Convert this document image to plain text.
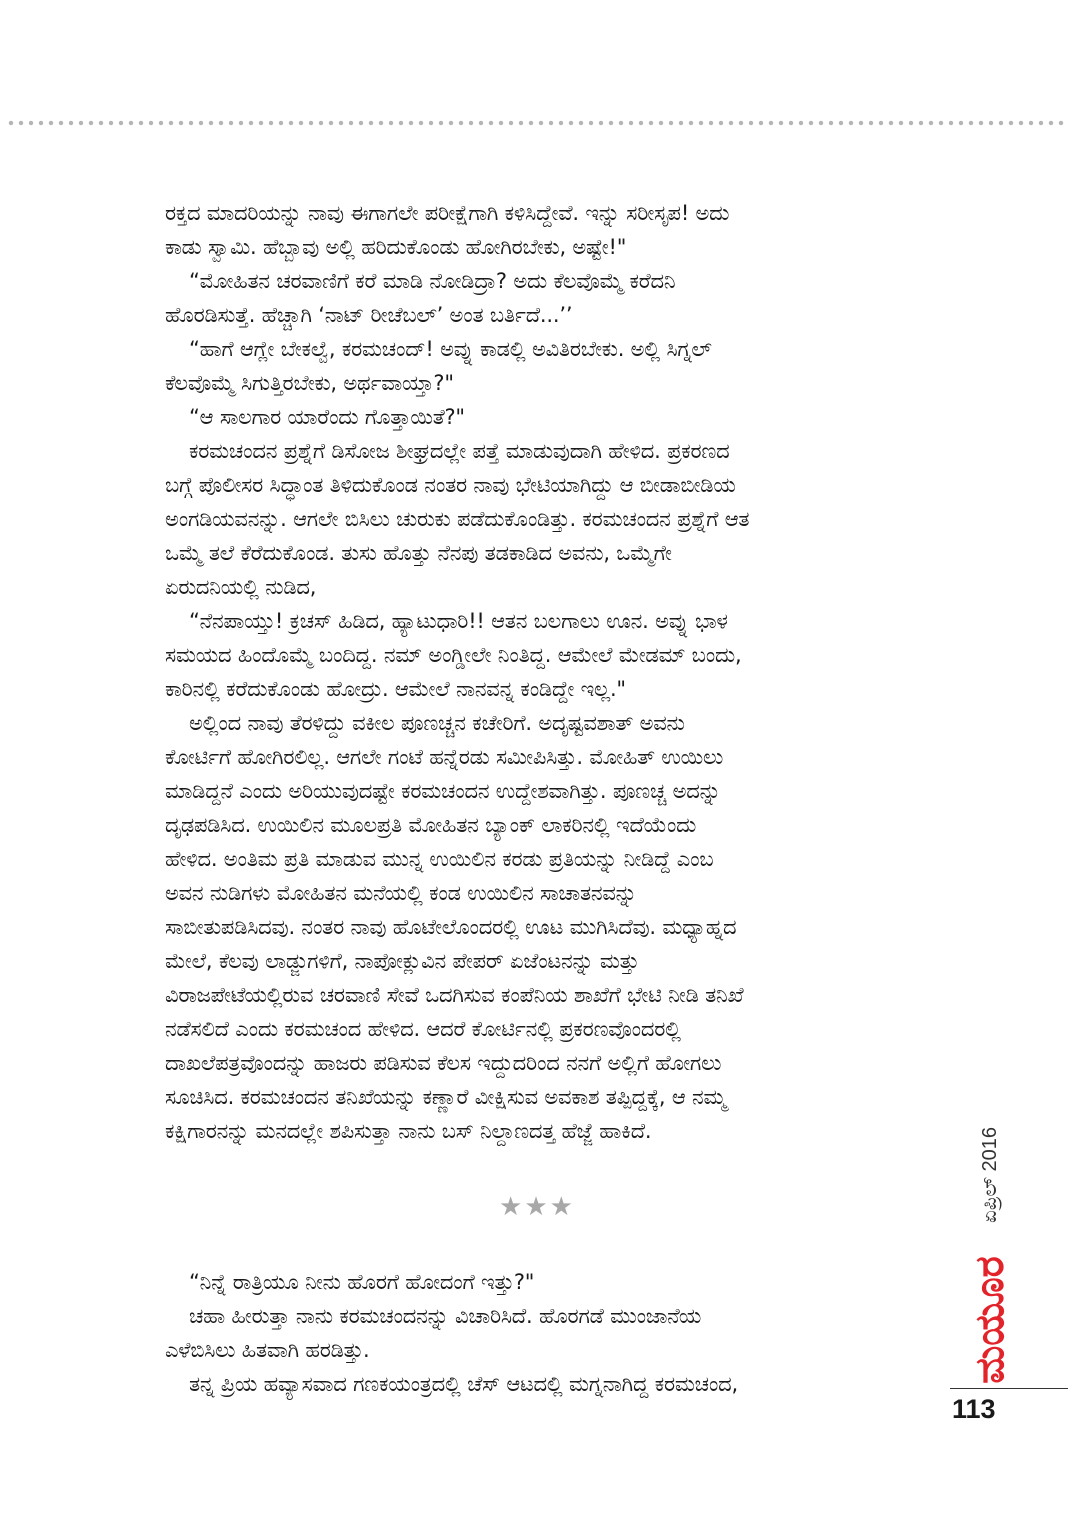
ರಕ್ತದ ಮಾದರಿಯನ್ನು ನಾವು ಈಗಾಗಲೇ ಪರೀಕ್ಷೆಗಾಗಿ ಕಳಿಸಿದ್ದೇವೆ. ಇನ್ನು ಸರೀಸೃಪ! ಅದು
ಕಾಡು ಸ್ವಾಮಿ. ಹೆಬ್ಬಾವು ಅಲ್ಲಿ ಹರಿದುಕೊಂಡು ಹೋಗಿರಬೇಕು, ಅಷ್ಟೇ!"
“ಮೋಹಿತನ ಚರವಾಣಿಗೆ ಕರೆ ಮಾಡಿ ನೋಡಿದ್ರಾ? ಅದು ಕೆಲವೊಮ್ಮೆ ಕರೆದನಿ
ಹೊರಡಿಸುತ್ತೆ. ಹೆಚ್ಚಾಗಿ ‘ನಾಟ್ ರೀಚೆಬಲ್’ ಅಂತ ಬರ್ತಿದೆ...’’
“ಹಾಗೆ ಆಗ್ಲೇ ಬೇಕಲ್ವೆ, ಕರಮಚಂದ್! ಅವ್ನು ಕಾಡಲ್ಲಿ ಅವಿತಿರಬೇಕು. ಅಲ್ಲಿ ಸಿಗ್ನಲ್
ಕೆಲವೊಮ್ಮೆ ಸಿಗುತ್ತಿರಬೇಕು, ಅರ್ಥವಾಯ್ತಾ?"
“ಆ ಸಾಲಗಾರ ಯಾರೆಂದು ಗೊತ್ತಾಯಿತೆ?"
ಕರಮಚಂದನ ಪ್ರಶ್ನೆಗೆ ಡಿಸೋಜ ಶೀಘ್ರದಲ್ಲೇ ಪತ್ತೆ ಮಾಡುವುದಾಗಿ ಹೇಳಿದ. ಪ್ರಕರಣದ
ಬಗ್ಗೆ ಪೊಲೀಸರ ಸಿದ್ಧಾಂತ ತಿಳಿದುಕೊಂಡ ನಂತರ ನಾವು ಭೇಟಿಯಾಗಿದ್ದು ಆ ಬೀಡಾಬೀಡಿಯ
ಅಂಗಡಿಯವನನ್ನು. ಆಗಲೇ ಬಿಸಿಲು ಚುರುಕು ಪಡೆದುಕೊಂಡಿತ್ತು. ಕರಮಚಂದನ ಪ್ರಶ್ನೆಗೆ ಆತ
ಒಮ್ಮೆ ತಲೆ ಕೆರೆದುಕೊಂಡ. ತುಸು ಹೊತ್ತು ನೆನಪು ತಡಕಾಡಿದ ಅವನು, ಒಮ್ಮೆಗೇ
ಏರುದನಿಯಲ್ಲಿ ನುಡಿದ,
“ನೆನಪಾಯ್ತು! ಕ್ರಚಸ್ ಹಿಡಿದ, ಹ್ಯಾಟುಧಾರಿ!! ಆತನ ಬಲಗಾಲು ಊನ. ಅವ್ನು ಭಾಳ
ಸಮಯದ ಹಿಂದೊಮ್ಮೆ ಬಂದಿದ್ದ. ನಮ್ ಅಂಗ್ಡೀಲೇ ನಿಂತಿದ್ದ. ಆಮೇಲೆ ಮೇಡಮ್ ಬಂದು,
ಕಾರಿನಲ್ಲಿ ಕರೆದುಕೊಂಡು ಹೋದ್ರು. ಆಮೇಲೆ ನಾನವನ್ನ ಕಂಡಿದ್ದೇ ಇಲ್ಲ."
ಅಲ್ಲಿಂದ ನಾವು ತೆರಳಿದ್ದು ವಕೀಲ ಪೂಣಚ್ಚನ ಕಚೇರಿಗೆ. ಅದೃಷ್ಟವಶಾತ್ ಅವನು
ಕೋರ್ಟಿಗೆ ಹೋಗಿರಲಿಲ್ಲ. ಆಗಲೇ ಗಂಟೆ ಹನ್ನೆರಡು ಸಮೀಪಿಸಿತ್ತು. ಮೋಹಿತ್ ಉಯಿಲು
ಮಾಡಿದ್ದನೆ ಎಂದು ಅರಿಯುವುದಷ್ಟೇ ಕರಮಚಂದನ ಉದ್ದೇಶವಾಗಿತ್ತು. ಪೂಣಚ್ಚ ಅದನ್ನು
ದೃಢಪಡಿಸಿದ. ಉಯಿಲಿನ ಮೂಲಪ್ರತಿ ಮೋಹಿತನ ಬ್ಯಾಂಕ್ ಲಾಕರಿನಲ್ಲಿ ಇದೆಯೆಂದು
ಹೇಳಿದ. ಅಂತಿಮ ಪ್ರತಿ ಮಾಡುವ ಮುನ್ನ ಉಯಿಲಿನ ಕರಡು ಪ್ರತಿಯನ್ನು ನೀಡಿದ್ದೆ ಎಂಬ
ಅವನ ನುಡಿಗಳು ಮೋಹಿತನ ಮನೆಯಲ್ಲಿ ಕಂಡ ಉಯಿಲಿನ ಸಾಚಾತನವನ್ನು
ಸಾಬೀತುಪಡಿಸಿದವು. ನಂತರ ನಾವು ಹೊಟೇಲೊಂದರಲ್ಲಿ ಊಟ ಮುಗಿಸಿದೆವು. ಮಧ್ಯಾಹ್ನದ
ಮೇಲೆ, ಕೆಲವು ಲಾಡ್ಜುಗಳಿಗೆ, ನಾಪೋಕ್ಲುವಿನ ಪೇಪರ್ ಏಜೆಂಟನನ್ನು ಮತ್ತು
ವಿರಾಜಪೇಟೆಯಲ್ಲಿರುವ ಚರವಾಣಿ ಸೇವೆ ಒದಗಿಸುವ ಕಂಪೆನಿಯ ಶಾಖೆಗೆ ಭೇಟಿ ನೀಡಿ ತನಿಖೆ
ನಡೆಸಲಿದೆ ಎಂದು ಕರಮಚಂದ ಹೇಳಿದ. ಆದರೆ ಕೋರ್ಟಿನಲ್ಲಿ ಪ್ರಕರಣವೊಂದರಲ್ಲಿ
ದಾಖಲೆಪತ್ರವೊಂದನ್ನು ಹಾಜರು ಪಡಿಸುವ ಕೆಲಸ ಇದ್ದುದರಿಂದ ನನಗೆ ಅಲ್ಲಿಗೆ ಹೋಗಲು
ಸೂಚಿಸಿದ. ಕರಮಚಂದನ ತನಿಖೆಯನ್ನು ಕಣ್ಣಾರೆ ವೀಕ್ಷಿಸುವ ಅವಕಾಶ ತಪ್ಪಿದ್ದಕ್ಕೆ, ಆ ನಮ್ಮ
ಕಕ್ಷಿಗಾರನನ್ನು ಮನದಲ್ಲೇ ಶಪಿಸುತ್ತಾ ನಾನು ಬಸ್ ನಿಲ್ದಾಣದತ್ತ ಹೆಜ್ಜೆ ಹಾಕಿದೆ.
★★★
“ನಿನ್ನೆ ರಾತ್ರಿಯೂ ನೀನು ಹೊರಗೆ ಹೋದಂಗೆ ಇತ್ತು?"
ಚಹಾ ಹೀರುತ್ತಾ ನಾನು ಕರಮಚಂದನನ್ನು ವಿಚಾರಿಸಿದೆ. ಹೊರಗಡೆ ಮುಂಜಾನೆಯ
ಎಳೆಬಿಸಿಲು ಹಿತವಾಗಿ ಹರಡಿತ್ತು.
ತನ್ನ ಪ್ರಿಯ ಹವ್ಯಾಸವಾದ ಗಣಕಯಂತ್ರದಲ್ಲಿ ಚೆಸ್ ಆಟದಲ್ಲಿ ಮಗ್ನನಾಗಿದ್ದ ಕರಮಚಂದ,
ಏಪ್ರಿಲ್ 2016
ಮಯೂರ
113
